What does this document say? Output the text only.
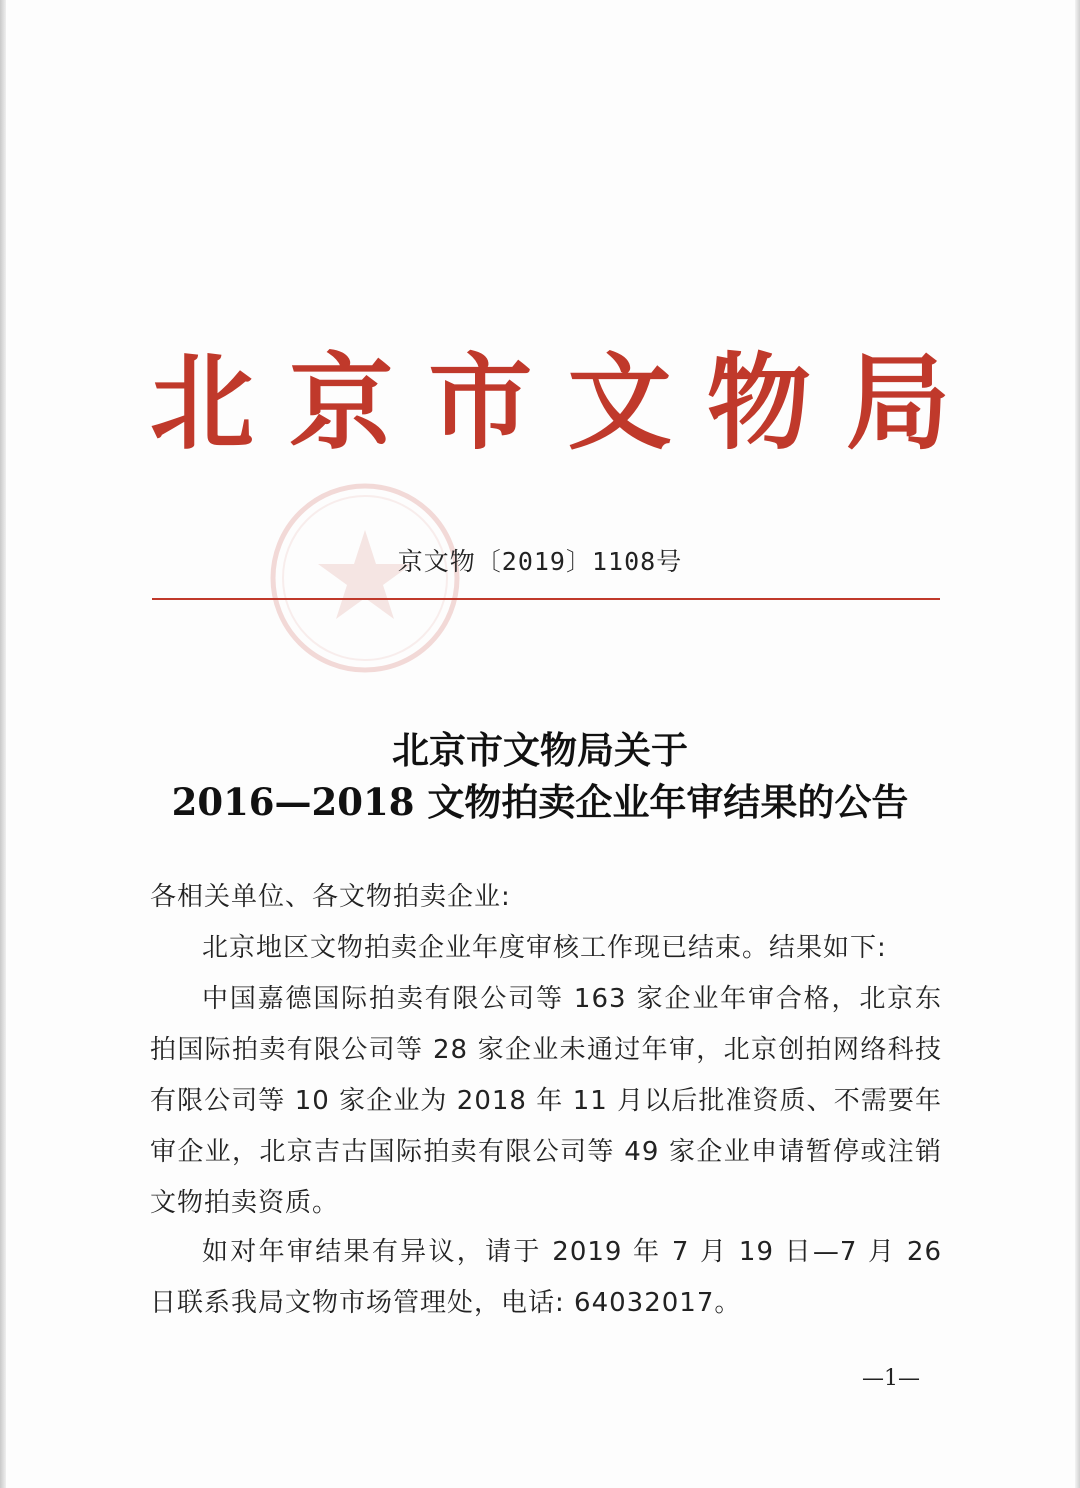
北 京 市 文 物 局
京文物〔2019〕1108号
北京市文物局关于
2016—2018 文物拍卖企业年审结果的公告
各相关单位、各文物拍卖企业:
北京地区文物拍卖企业年度审核工作现已结束。结果如下:
中国嘉德国际拍卖有限公司等 163 家企业年审合格，北京东拍国际拍卖有限公司等 28 家企业未通过年审，北京创拍网络科技有限公司等 10 家企业为 2018 年 11 月以后批准资质、不需要年审企业，北京吉古国际拍卖有限公司等 49 家企业申请暂停或注销文物拍卖资质。
如对年审结果有异议，请于 2019 年 7 月 19 日—7 月 26 日联系我局文物市场管理处，电话: 64032017。
—1—
